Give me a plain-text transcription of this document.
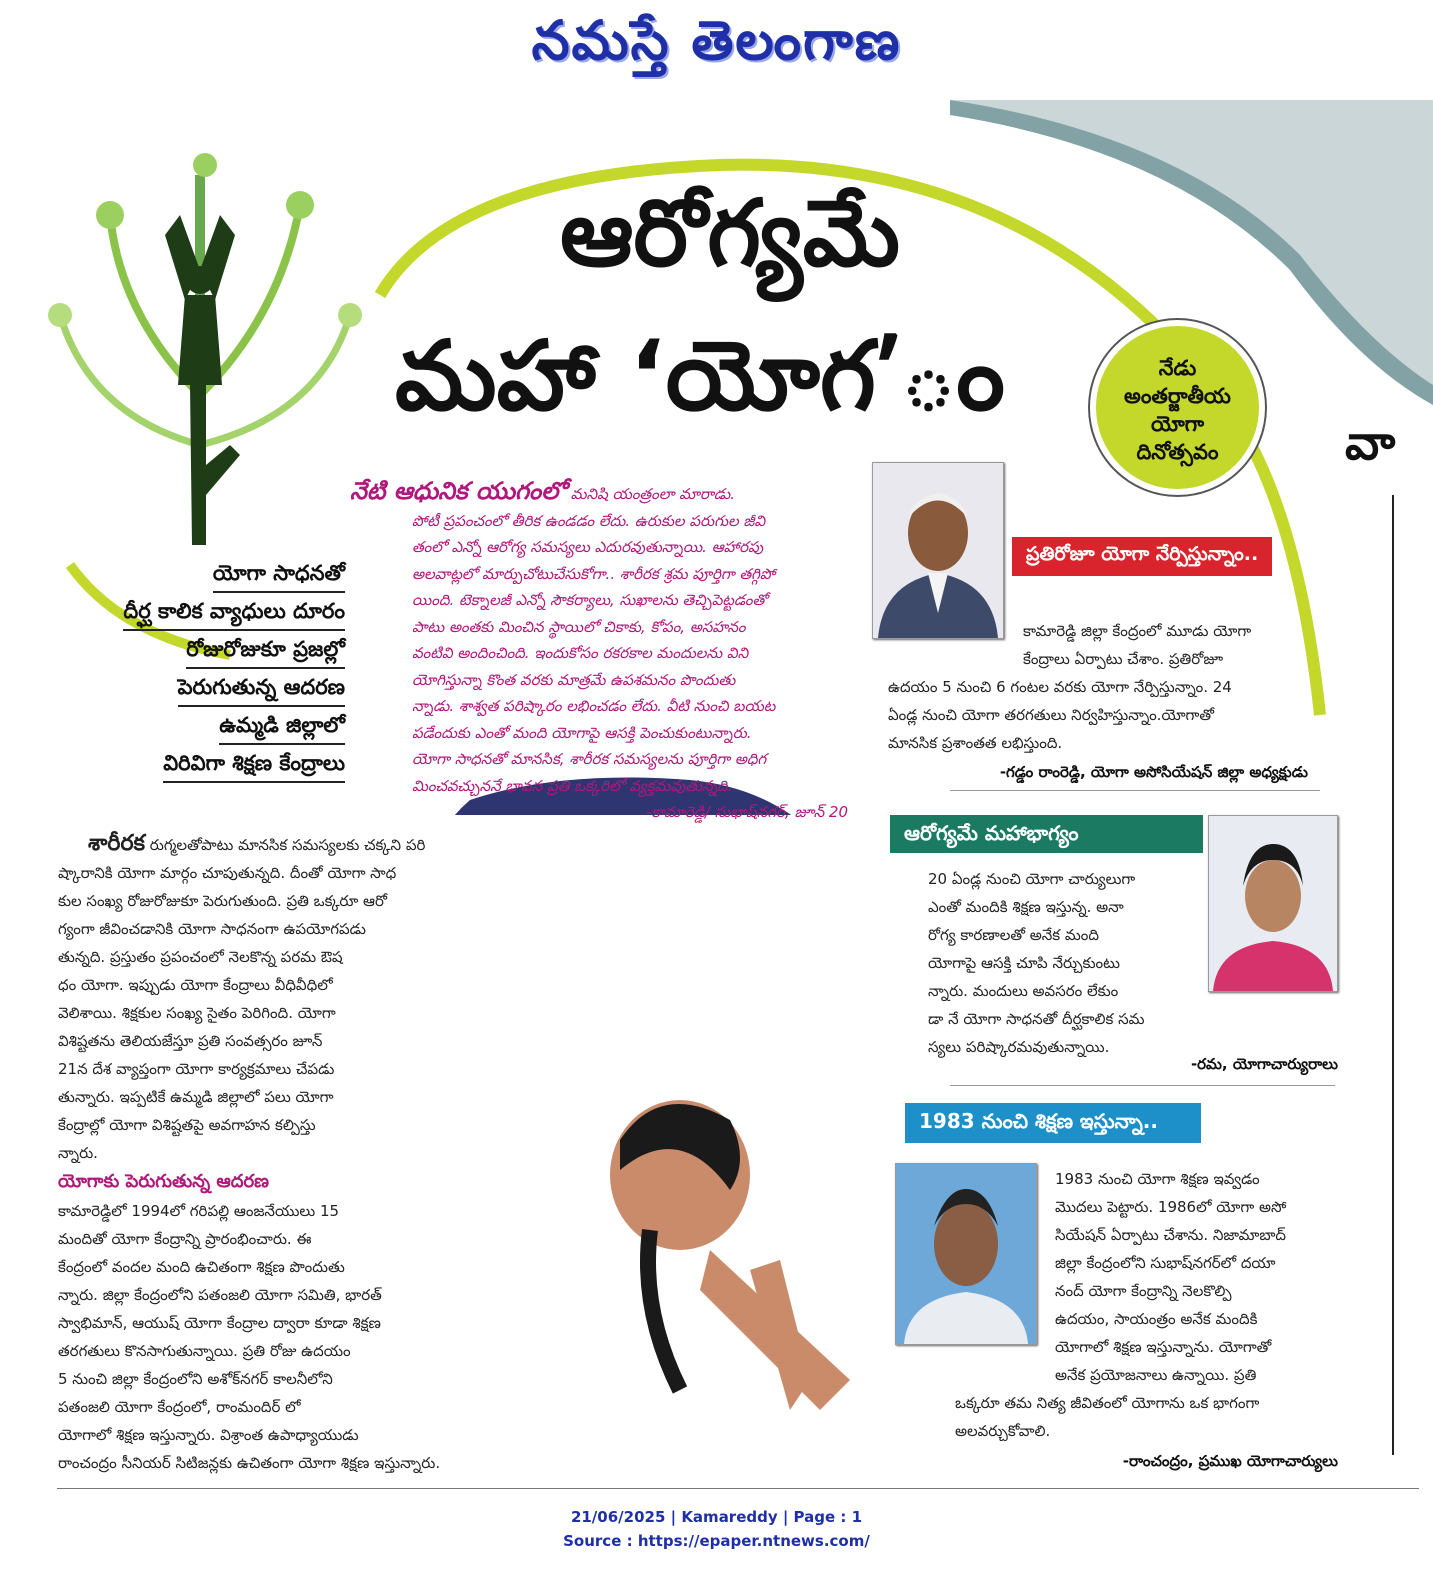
నమస్తే తెలంగాణ
ఆరోగ్యమే
మహా ‘యోగ’ం	నేడు
అంతర్జాతీయ
యోగా
దినోత్సవం	వా
యోగా సాధనతో
దీర్ఘ కాలిక వ్యాధులు దూరం
రోజురోజుకూ ప్రజల్లో
పెరుగుతున్న ఆదరణ
ఉమ్మడి జిల్లాలో
విరివిగా శిక్షణ కేంద్రాలు
నేటి ఆధునిక యుగంలో మనిషి యంత్రంలా మారాడు.
పోటీ ప్రపంచంలో తీరిక ఉండడం లేదు. ఉరుకుల పరుగుల జీవి
తంలో ఎన్నో ఆరోగ్య సమస్యలు ఎదురవుతున్నాయి. ఆహారపు
అలవాట్లలో మార్పుచోటుచేసుకోగా.. శారీరక శ్రమ పూర్తిగా తగ్గిపో
యింది. టెక్నాలజీ ఎన్నో సౌకర్యాలు, సుఖాలను తెచ్చిపెట్టడంతో
పాటు అంతకు మించిన స్థాయిలో చికాకు, కోపం, అసహనం
వంటివి అందించింది. ఇందుకోసం రకరకాల మందులను విని
యోగిస్తున్నా కొంత వరకు మాత్రమే ఉపశమనం పొందుతు
న్నాడు. శాశ్వత పరిష్కారం లభించడం లేదు. వీటి నుంచి బయట
పడేందుకు ఎంతో మంది యోగాపై ఆసక్తి పెంచుకుంటున్నారు.
యోగా సాధనతో మానసిక, శారీరక సమస్యలను పూర్తిగా అధిగ
మించవచ్చుననే భావన ప్రతి ఒక్కరిలో వ్యక్తమవుతున్నది.
-కామారెడ్డి/ సుభాష్‌నగర్, జూన్ 20
శారీరక రుగ్మలతోపాటు మానసిక సమస్యలకు చక్కని పరి
ష్కారానికి యోగా మార్గం చూపుతున్నది. దీంతో యోగా సాధ
కుల సంఖ్య రోజురోజుకూ పెరుగుతుంది. ప్రతి ఒక్కరూ ఆరో
గ్యంగా జీవించడానికి యోగా సాధనంగా ఉపయోగపడు
తున్నది. ప్రస్తుతం ప్రపంచంలో నెలకొన్న పరమ ఔష
ధం యోగా. ఇప్పుడు యోగా కేంద్రాలు వీధివీధిలో
వెలిశాయి. శిక్షకుల సంఖ్య సైతం పెరిగింది. యోగా
విశిష్టతను తెలియజేస్తూ ప్రతి సంవత్సరం జూన్
21న దేశ వ్యాప్తంగా యోగా కార్యక్రమాలు చేపడు
తున్నారు. ఇప్పటికే ఉమ్మడి జిల్లాలో పలు యోగా
కేంద్రాల్లో యోగా విశిష్టతపై అవగాహన కల్పిస్తు
న్నారు.
యోగాకు పెరుగుతున్న ఆదరణ
కామారెడ్డిలో 1994లో గరిపల్లి ఆంజనేయులు 15
మందితో యోగా కేంద్రాన్ని ప్రారంభించారు. ఈ
కేంద్రంలో వందల మంది ఉచితంగా శిక్షణ పొందుతు
న్నారు. జిల్లా కేంద్రంలోని పతంజలి యోగా సమితి, భారత్
స్వాభిమాన్, ఆయుష్ యోగా కేంద్రాల ద్వారా కూడా శిక్షణ
తరగతులు కొనసాగుతున్నాయి. ప్రతి రోజు ఉదయం
5 నుంచి జిల్లా కేంద్రంలోని అశోక్‌నగర్ కాలనీలోని
పతంజలి యోగా కేంద్రంలో, రాంమందిర్ లో
యోగాలో శిక్షణ ఇస్తున్నారు. విశ్రాంత ఉపాధ్యాయుడు
రాంచంద్రం సీనియర్ సిటిజన్లకు ఉచితంగా యోగా శిక్షణ ఇస్తున్నారు.
ప్రతిరోజూ యోగా నేర్పిస్తున్నాం..
కామారెడ్డి జిల్లా కేంద్రంలో మూడు యోగా
కేంద్రాలు ఏర్పాటు చేశాం. ప్రతిరోజూ
ఉదయం 5 నుంచి 6 గంటల వరకు యోగా నేర్పిస్తున్నాం. 24
ఏండ్ల నుంచి యోగా తరగతులు నిర్వహిస్తున్నాం.యోగాతో
మానసిక ప్రశాంతత లభిస్తుంది.
-గడ్డం రాంరెడ్డి, యోగా అసోసియేషన్ జిల్లా అధ్యక్షుడు
ఆరోగ్యమే మహాభాగ్యం
20 ఏండ్ల నుంచి యోగా చార్యులుగా
ఎంతో మందికి శిక్షణ ఇస్తున్న. అనా
రోగ్య కారణాలతో అనేక మంది
యోగాపై ఆసక్తి చూపి నేర్చుకుంటు
న్నారు. మందులు అవసరం లేకుం
డా నే యోగా సాధనతో దీర్ఘకాలిక సమ
స్యలు పరిష్కారమవుతున్నాయి.
-రమ, యోగాచార్యురాలు
1983 నుంచి శిక్షణ ఇస్తున్నా..
1983 నుంచి యోగా శిక్షణ ఇవ్వడం
మొదలు పెట్టారు. 1986లో యోగా అసో
సియేషన్ ఏర్పాటు చేశాను. నిజామాబాద్
జిల్లా కేంద్రంలోని సుభాష్‌నగర్‌లో దయా
నంద్ యోగా కేంద్రాన్ని నెలకొల్పి
ఉదయం, సాయంత్రం అనేక మందికి
యోగాలో శిక్షణ ఇస్తున్నాను. యోగాతో
అనేక ప్రయోజనాలు ఉన్నాయి. ప్రతి
ఒక్కరూ తమ నిత్య జీవితంలో యోగాను ఒక భాగంగా
అలవర్చుకోవాలి.
-రాంచంద్రం, ప్రముఖ యోగాచార్యులు
21/06/2025 | Kamareddy | Page : 1
Source : https://epaper.ntnews.com/
